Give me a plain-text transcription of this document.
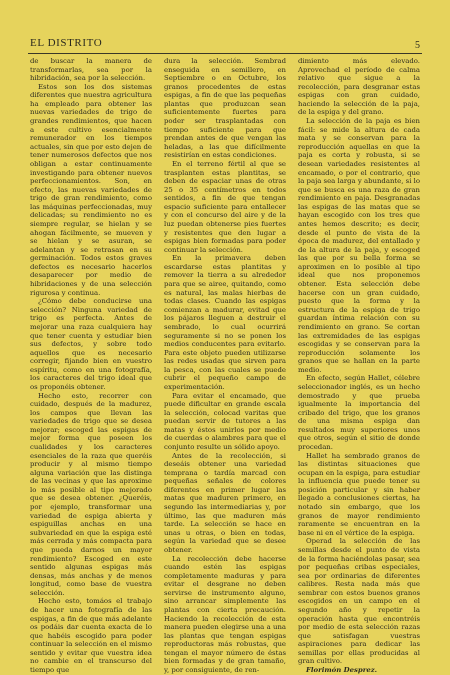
EL DISTRITO	5

de buscar la manera de transformarlas, sea por la hibridación, sea por la selección.

Estos son los dos sistemas diferentes que nuestra agricultura ha empleado para obtener las nuevas variedades de trigo de grandes rendimientos, que hacen a este cultivo esencialmente remunerador en los tiempos actuales, sin que por esto dejen de tener numerosos defectos que nos obligan a estar continuamente investigando para obtener nuevos perfeccionamientos. Son, en efecto, las nuevas variedades de trigo de gran rendimiento, como las máquinas perfeccionadas, muy delicadas; su rendimiento no es siempre regular, se hielan y se ahogan fácilmente, se mueven y se hielan y se asuran, se adelantan y se retrasan en su germinación. Todos estos graves defectos es necesario hacerlos desaparecer por medio de hibridaciones y de una selección rigurosa y continua.

¿Cómo debe conducirse una selección? Ninguna variedad de trigo es perfecta. Antes de mejorar una raza cualquiera hay que tener cuenta y estudiar bien sus defectos, y sobre todo aquellos que es necesario corregir, fijando bien en vuestro espíritu, como en una fotografía, los caracteres del trigo ideal que os proponéis obtener.

Hecho esto, recorrer con cuidado, después de la madurez, los campos que llevan las variedades de trigo que se desea mejorar; escoged las espigas de mejor forma que poseen los cualidades y los caracteres esenciales de la raza que queréis producir y al mismo tiempo alguna variación que las distinga de las vecinas y que las aproxime lo más posible al tipo mejorado que se desea obtener. ¿Queréis, por ejemplo, transformar una variedad de espiga abierta y espiguillas anchas en una subvariedad en que la espiga esté más cerrada y más compacta para que pueda darnos un mayor rendimiento? Escoged en este sentido algunas espigas más densas, más anchas y de menos longitud, como base de vuestra selección.

Hecho esto, tomáos el trabajo de hacer una fotografía de las espigas, a fin de que más adelante os podáis dar cuenta exacta de lo que habéis escogido para poder continuar la selección en el mismo sentido y evitar que vuestra idea no cambie en el transcurso del tiempo que

dura la selección. Sembrad enseguida en semillero, en Septiembre o en Octubre, los granos procedentes de estas espigas, a fin de que las pequeñas plantas que produzcan sean suficientemente fuertes para poder ser trasplantadas con tiempo suficiente para que prendan antes de que vengan las heladas, a las que difícilmente resistirían en estas condiciones.

En el terreno fértil al que se trasplanten estas plantitas, se deben de espaciar unas de otras 25 o 35 centímetros en todos sentidos, a fin de que tengan espacio suficiente para entallecer y con el concurso del aire y de la luz puedan obtenerse pies fuertes y resistentes que den lugar a espigas bien formadas para poder continuar la selección.

En la primavera deben escardarse estas plantitas y remover la tierra a su alrededor para que se airee, quitando, como es natural, las malas hierbas de todas clases. Cuando las espigas comienzan a madurar, evitad que los pájaros lleguen a destruir el sembrado, lo cual ocurrirá seguramente si no se ponen los medios conducentes para evitarlo. Para este objeto pueden utilizarse las redes usadas que sirven para la pesca, con las cuales se puede cubrir el pequeño campo de experimentación.

Para evitar el encamado, que puede dificultar en grande escala la selección, colocad varitas que puedan servir de tutores a las matas y éstos unirlos por medio de cuerdas o alambres para que el conjunto resulte un sólido apoyo.

Antes de la recolección, si deseáis obtener una variedad temprana o tardía marcad con pequeñas señales de colores diferentes en primer lugar las matas que maduren primero, en segundo las intermediarias y, por último, las que maduren más tarde. La selección se hace en unas u otras, o bien en todas, según la variedad que se desee obtener.

La recolección debe hacerse cuando estén las espigas completamente maduras y para evitar el desgrane no deben servirse de instrumento alguno, sino arrancar simplemente las plantas con cierta precaución. Haciendo la recolección de esta manera pueden elegirse una a una las plantas que tengan espigas reproductoras más robustas, que tengan el mayor número de éstas bien formadas y de gran tamaño, y, por consiguiente, de ren-

dimiento más elevado. Aprovechad el período de calma relativo que sigue a la recolección, para desgranar estas espigas con gran cuidado, haciendo la selección de la paja, de la espiga y del grano.

La selección de la paja es bien fácil: se mide la altura de cada mata y se conservan para la reproducción aquellas en que la paja es corta y robusta, si se desean variedades resistentes al encamado, o por el contrario, que la paja sea larga y abundante, si lo que se busca es una raza de gran rendimiento en paja. Desgranadas las espigas de las matas que se hayan escogido con los tres que antes hemos descrito; es decir, desde el punto de vista de la época de madurez, del entallado y de la altura de la paja, y escoged las que por su bella forma se aproximen en lo posible al tipo ideal que nos proponemos obtener. Esta selección debe hacerse con un gran cuidado, puesto que la forma y la estructura de la espiga de trigo guardan íntima relación con su rendimiento en grano. Se cortan las extremidades de las espigas escogidas y se conservan para la reproducción solamente los granos que se hallan en la parte medio.

En efecto, según Hallet, célebre seleccionador inglés, es un hecho demostrado y que prueba igualmente la importancia del cribado del trigo, que los granos de una misma espiga dan resultados muy superiores unos que otros, según el sitio de donde procedan.

Hallet ha sembrado granos de las distintas situaciones que ocupan en la espiga, para estudiar la influencia que puede tener su posición particular y sin haber llegado a conclusiones ciertas, ha notado sin embargo, que los granos de mayor rendimiento raramente se encuentran en la base ni en el vértice de la espiga.

Operad la selección de las semillas desde el punto de vista de la forma haciéndolas pasar, sea por pequeñas cribas especiales, sea por ordinarias de diferentes calibres. Resta nada más que sembrar con estos buenos granos escogidos en un campo en el segundo año y repetir la operación hasta que encontréis por medio de esta selección razas que satisfagan vuestras aspiraciones para dedicar las semillas por ellas producidas al gran cultivo.

Florimón Desprez.
